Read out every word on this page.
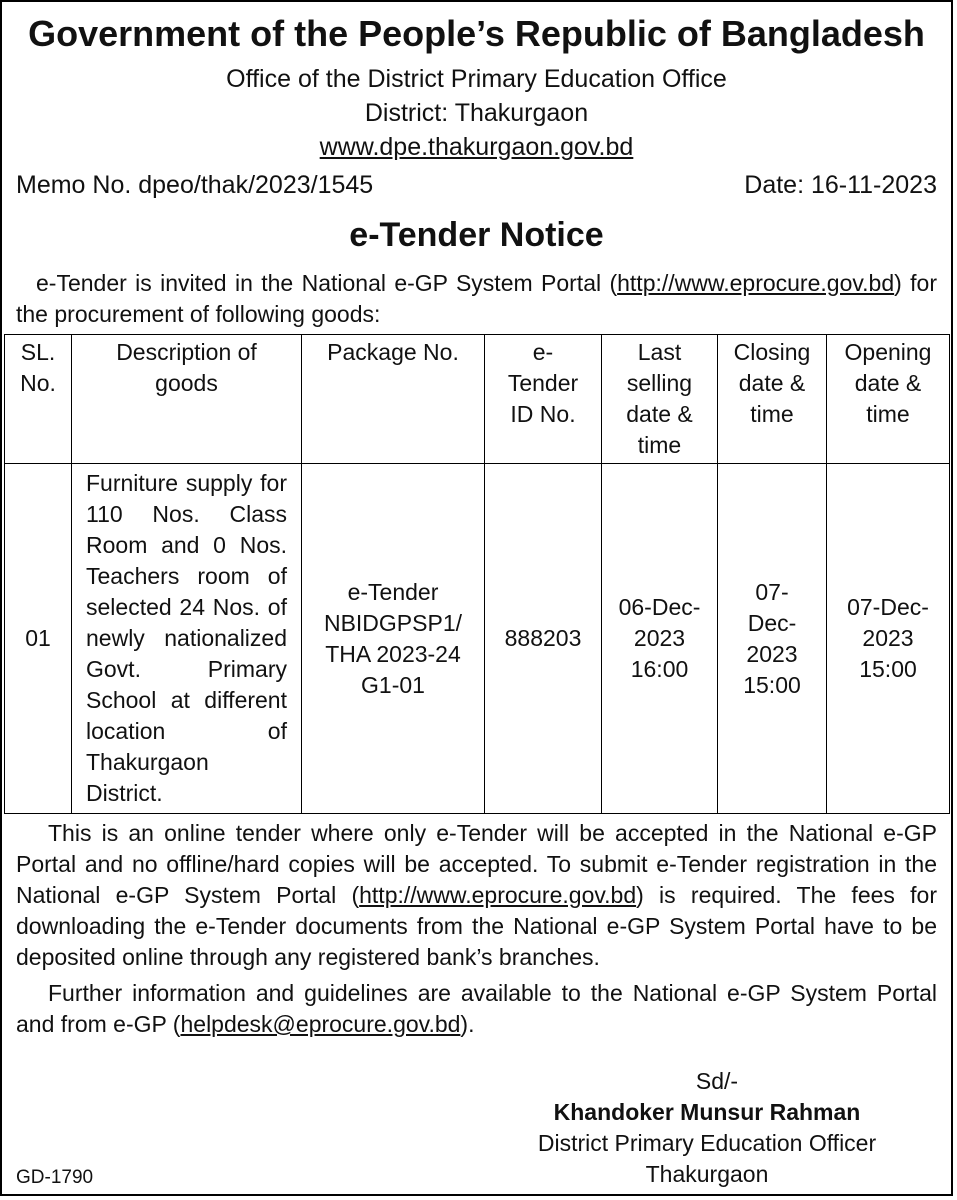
Government of the People’s Republic of Bangladesh
Office of the District Primary Education Office
District: Thakurgaon
www.dpe.thakurgaon.gov.bd
Memo No. dpeo/thak/2023/1545	Date: 16-11-2023
e-Tender Notice
e-Tender is invited in the National e-GP System Portal (http://www.eprocure.gov.bd) for the procurement of following goods:
SL.
No.	Description of
goods	Package No.	e-
Tender
ID No.	Last
selling
date &
time	Closing
date &
time	Opening
date &
time

01	Furniture supply for 110 Nos. Class Room and 0 Nos. Teachers room of selected 24 Nos. of newly nationalized Govt. Primary School at different location of Thakurgaon District.	e-Tender
NBIDGPSP1/
THA 2023-24
G1-01	888203	06-Dec-
2023
16:00	07-
Dec-
2023
15:00	07-Dec-
2023
15:00
This is an online tender where only e-Tender will be accepted in the National e-GP Portal and no offline/hard copies will be accepted. To submit e-Tender registration in the National e-GP System Portal (http://www.eprocure.gov.bd) is required. The fees for downloading the e-Tender documents from the National e-GP System Portal have to be deposited online through any registered bank’s branches.
Further information and guidelines are available to the National e-GP System Portal and from e-GP (helpdesk@eprocure.gov.bd).
Sd/-
Khandoker Munsur Rahman
District Primary Education Officer
Thakurgaon
GD-1790
